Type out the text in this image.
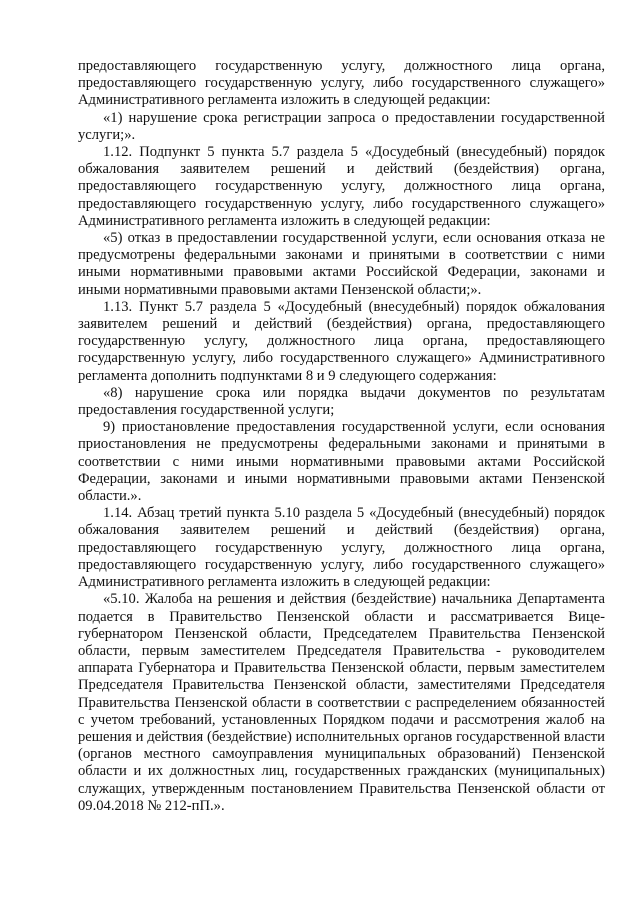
предоставляющего государственную услугу, должностного лица органа, предоставляющего государственную услугу, либо государственного служащего» Административного регламента изложить в следующей редакции:

«1) нарушение срока регистрации запроса о предоставлении государственной услуги;».

1.12. Подпункт 5 пункта 5.7 раздела 5 «Досудебный (внесудебный) порядок обжалования заявителем решений и действий (бездействия) органа, предоставляющего государственную услугу, должностного лица органа, предоставляющего государственную услугу, либо государственного служащего» Административного регламента изложить в следующей редакции:

«5) отказ в предоставлении государственной услуги, если основания отказа не предусмотрены федеральными законами и принятыми в соответствии с ними иными нормативными правовыми актами Российской Федерации, законами и иными нормативными правовыми актами Пензенской области;».

1.13. Пункт 5.7 раздела 5 «Досудебный (внесудебный) порядок обжалования заявителем решений и действий (бездействия) органа, предоставляющего государственную услугу, должностного лица органа, предоставляющего государственную услугу, либо государственного служащего» Административного регламента дополнить подпунктами 8 и 9 следующего содержания:

«8) нарушение срока или порядка выдачи документов по результатам предоставления государственной услуги;

9) приостановление предоставления государственной услуги, если основания приостановления не предусмотрены федеральными законами и принятыми в соответствии с ними иными нормативными правовыми актами Российской Федерации, законами и иными нормативными правовыми актами Пензенской области.».

1.14. Абзац третий пункта 5.10 раздела 5 «Досудебный (внесудебный) порядок обжалования заявителем решений и действий (бездействия) органа, предоставляющего государственную услугу, должностного лица органа, предоставляющего государственную услугу, либо государственного служащего» Административного регламента изложить в следующей редакции:

«5.10. Жалоба на решения и действия (бездействие) начальника Департамента подается в Правительство Пензенской области и рассматривается Вице-губернатором Пензенской области, Председателем Правительства Пензенской области, первым заместителем Председателя Правительства - руководителем аппарата Губернатора и Правительства Пензенской области, первым заместителем Председателя Правительства Пензенской области, заместителями Председателя Правительства Пензенской области в соответствии с распределением обязанностей с учетом требований, установленных Порядком подачи и рассмотрения жалоб на решения и действия (бездействие) исполнительных органов государственной власти (органов местного самоуправления муниципальных образований) Пензенской области и их должностных лиц, государственных гражданских (муниципальных) служащих, утвержденным постановлением Правительства Пензенской области от 09.04.2018 № 212-пП.».
